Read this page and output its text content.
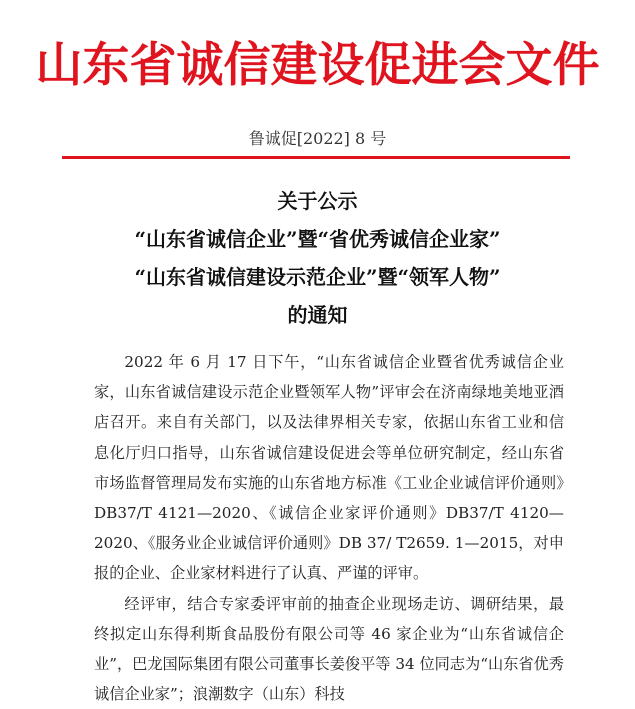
山东省诚信建设促进会文件
鲁诚促[2022] 8 号
关于公示
“山东省诚信企业”暨“省优秀诚信企业家”
“山东省诚信建设示范企业”暨“领军人物”
的通知

2022 年 6 月 17 日下午，“山东省诚信企业暨省优秀诚信企业家，山东省诚信建设示范企业暨领军人物”评审会在济南绿地美地亚酒店召开。来自有关部门，以及法律界相关专家，依据山东省工业和信息化厅归口指导，山东省诚信建设促进会等单位研究制定，经山东省市场监督管理局发布实施的山东省地方标准《工业企业诚信评价通则》DB37/T 4121—2020、《诚信企业家评价通则》DB37/T 4120—2020、《服务业企业诚信评价通则》DB 37/ T2659. 1—2015，对申报的企业、企业家材料进行了认真、严谨的评审。

经评审，结合专家委评审前的抽查企业现场走访、调研结果，最终拟定山东得利斯食品股份有限公司等 46 家企业为“山东省诚信企业”，巴龙国际集团有限公司董事长姜俊平等 34 位同志为“山东省优秀诚信企业家”；浪潮数字（山东）科技
